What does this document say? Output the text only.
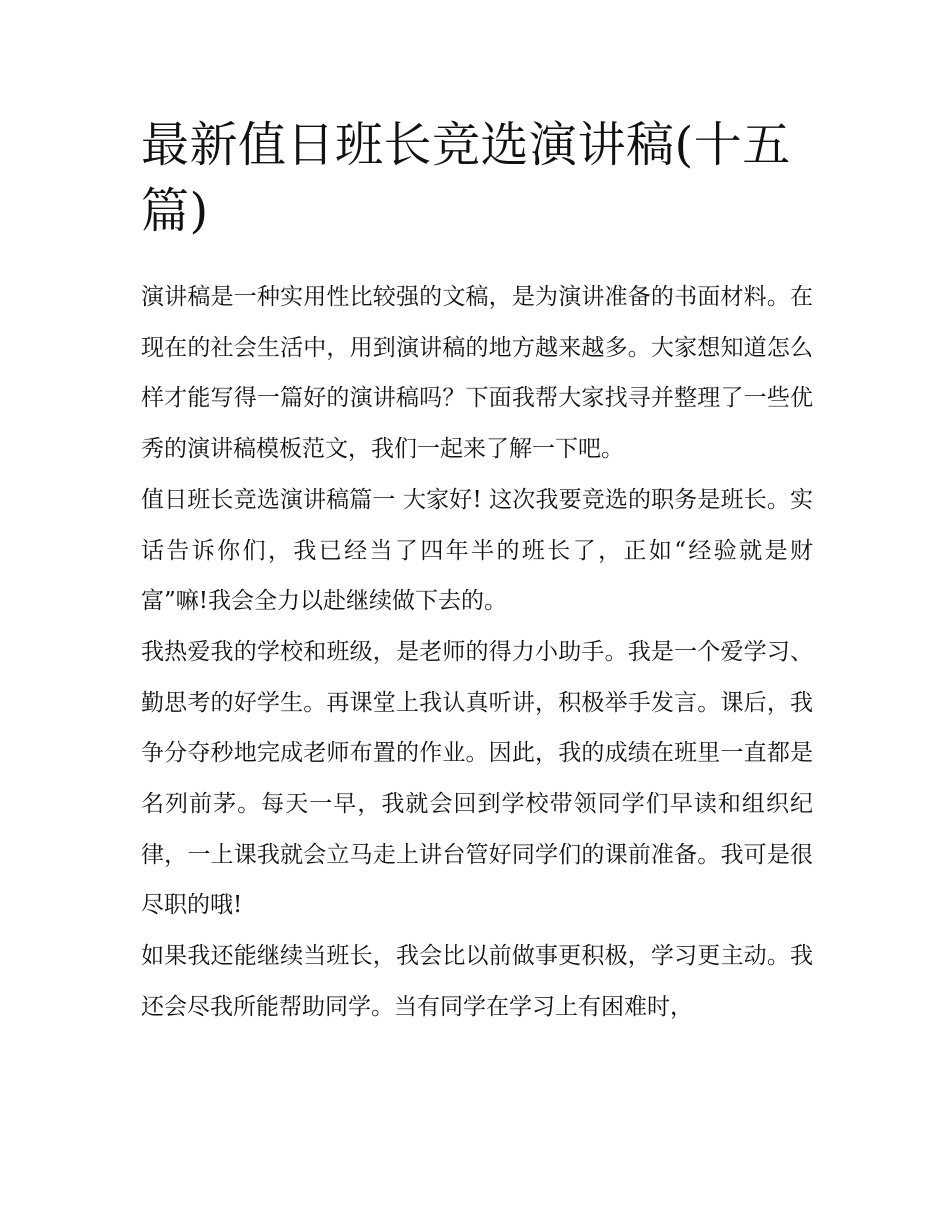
最新值日班长竞选演讲稿(十五篇)

演讲稿是一种实用性比较强的文稿，是为演讲准备的书面材料。在现在的社会生活中，用到演讲稿的地方越来越多。大家想知道怎么样才能写得一篇好的演讲稿吗？下面我帮大家找寻并整理了一些优秀的演讲稿模板范文，我们一起来了解一下吧。

值日班长竞选演讲稿篇一 大家好! 这次我要竞选的职务是班长。实话告诉你们，我已经当了四年半的班长了，正如“经验就是财富”嘛!我会全力以赴继续做下去的。

我热爱我的学校和班级，是老师的得力小助手。我是一个爱学习、勤思考的好学生。再课堂上我认真听讲，积极举手发言。课后，我争分夺秒地完成老师布置的作业。因此，我的成绩在班里一直都是名列前茅。每天一早，我就会回到学校带领同学们早读和组织纪律，一上课我就会立马走上讲台管好同学们的课前准备。我可是很尽职的哦!

如果我还能继续当班长，我会比以前做事更积极，学习更主动。我还会尽我所能帮助同学。当有同学在学习上有困难时，
